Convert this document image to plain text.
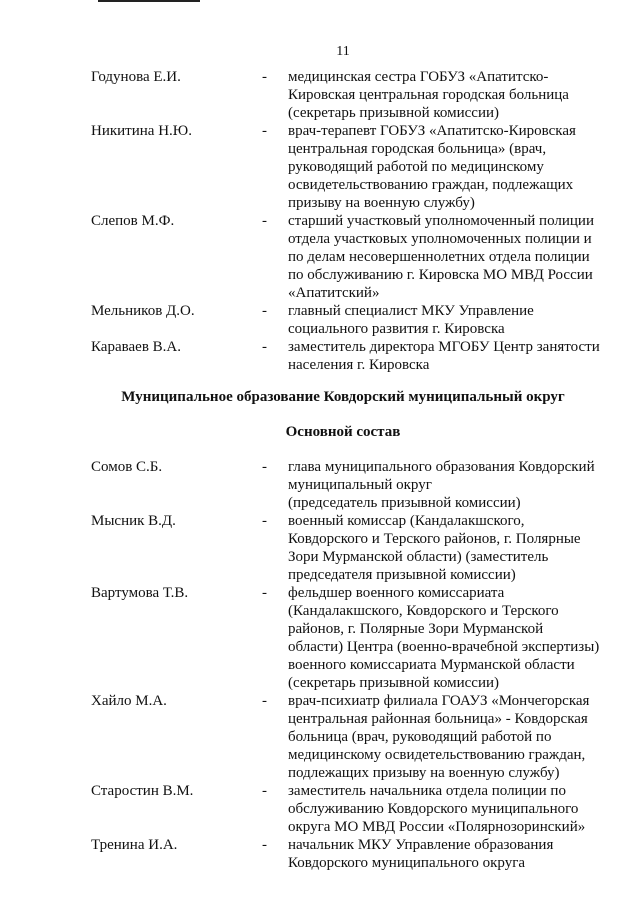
11
Годунова Е.И.	- медицинская сестра ГОБУЗ «Апатитско-
Кировская центральная городская больница
(секретарь призывной комиссии)
Никитина Н.Ю.	- врач-терапевт ГОБУЗ «Апатитско-Кировская
центральная городская больница» (врач,
руководящий работой по медицинскому
освидетельствованию граждан, подлежащих
призыву на военную службу)
Слепов М.Ф.	- старший участковый уполномоченный полиции
отдела участковых уполномоченных полиции и
по делам несовершеннолетних отдела полиции
по обслуживанию г. Кировска МО МВД России
«Апатитский»
Мельников Д.О.	- главный специалист МКУ Управление
социального развития г. Кировска
Караваев В.А.	- заместитель директора МГОБУ Центр занятости
населения г. Кировска
Муниципальное образование Ковдорский муниципальный округ
Основной состав
Сомов С.Б.	- глава муниципального образования Ковдорский
муниципальный округ
(председатель призывной комиссии)
Мысник В.Д.	- военный комиссар (Кандалакшского,
Ковдорского и Терского районов, г. Полярные
Зори Мурманской области) (заместитель
председателя призывной комиссии)
Вартумова Т.В.	- фельдшер военного комиссариата
(Кандалакшского, Ковдорского и Терского
районов, г. Полярные Зори Мурманской
области) Центра (военно-врачебной экспертизы)
военного комиссариата Мурманской области
(секретарь призывной комиссии)
Хайло М.А.	- врач-психиатр филиала ГОАУЗ «Мончегорская
центральная районная больница» - Ковдорская
больница (врач, руководящий работой по
медицинскому освидетельствованию граждан,
подлежащих призыву на военную службу)
Старостин В.М.	- заместитель начальника отдела полиции по
обслуживанию Ковдорского муниципального
округа МО МВД России «Полярнозоринский»
Тренина И.А.	- начальник МКУ Управление образования
Ковдорского муниципального округа
